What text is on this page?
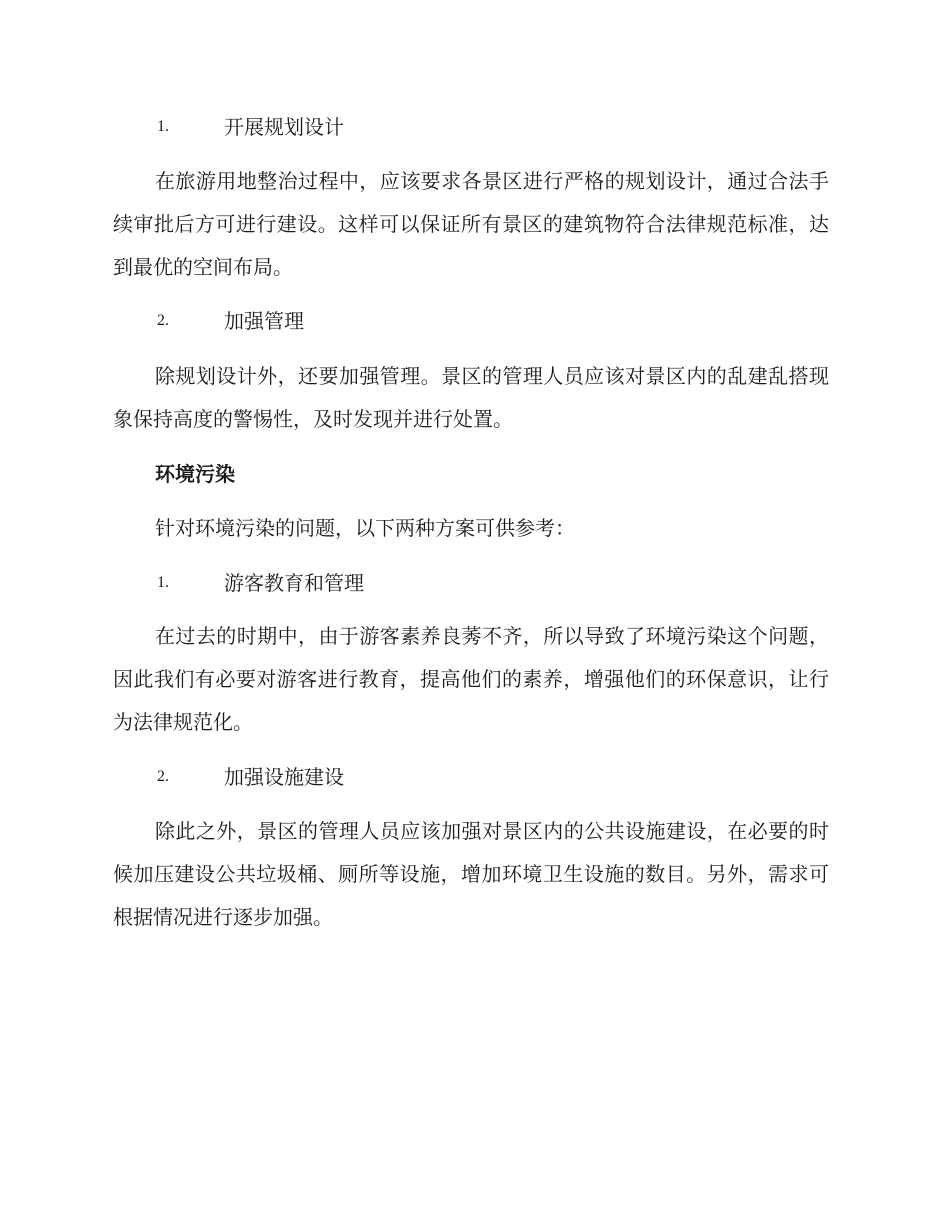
1.	开展规划设计

在旅游用地整治过程中，应该要求各景区进行严格的规划设计，通过合法手续审批后方可进行建设。这样可以保证所有景区的建筑物符合法律规范标准，达到最优的空间布局。

2.	加强管理

除规划设计外，还要加强管理。景区的管理人员应该对景区内的乱建乱搭现象保持高度的警惕性，及时发现并进行处置。

环境污染

针对环境污染的问题，以下两种方案可供参考：

1.	游客教育和管理

在过去的时期中，由于游客素养良莠不齐，所以导致了环境污染这个问题，因此我们有必要对游客进行教育，提高他们的素养，增强他们的环保意识，让行为法律规范化。

2.	加强设施建设

除此之外，景区的管理人员应该加强对景区内的公共设施建设，在必要的时候加压建设公共垃圾桶、厕所等设施，增加环境卫生设施的数目。另外，需求可根据情况进行逐步加强。
